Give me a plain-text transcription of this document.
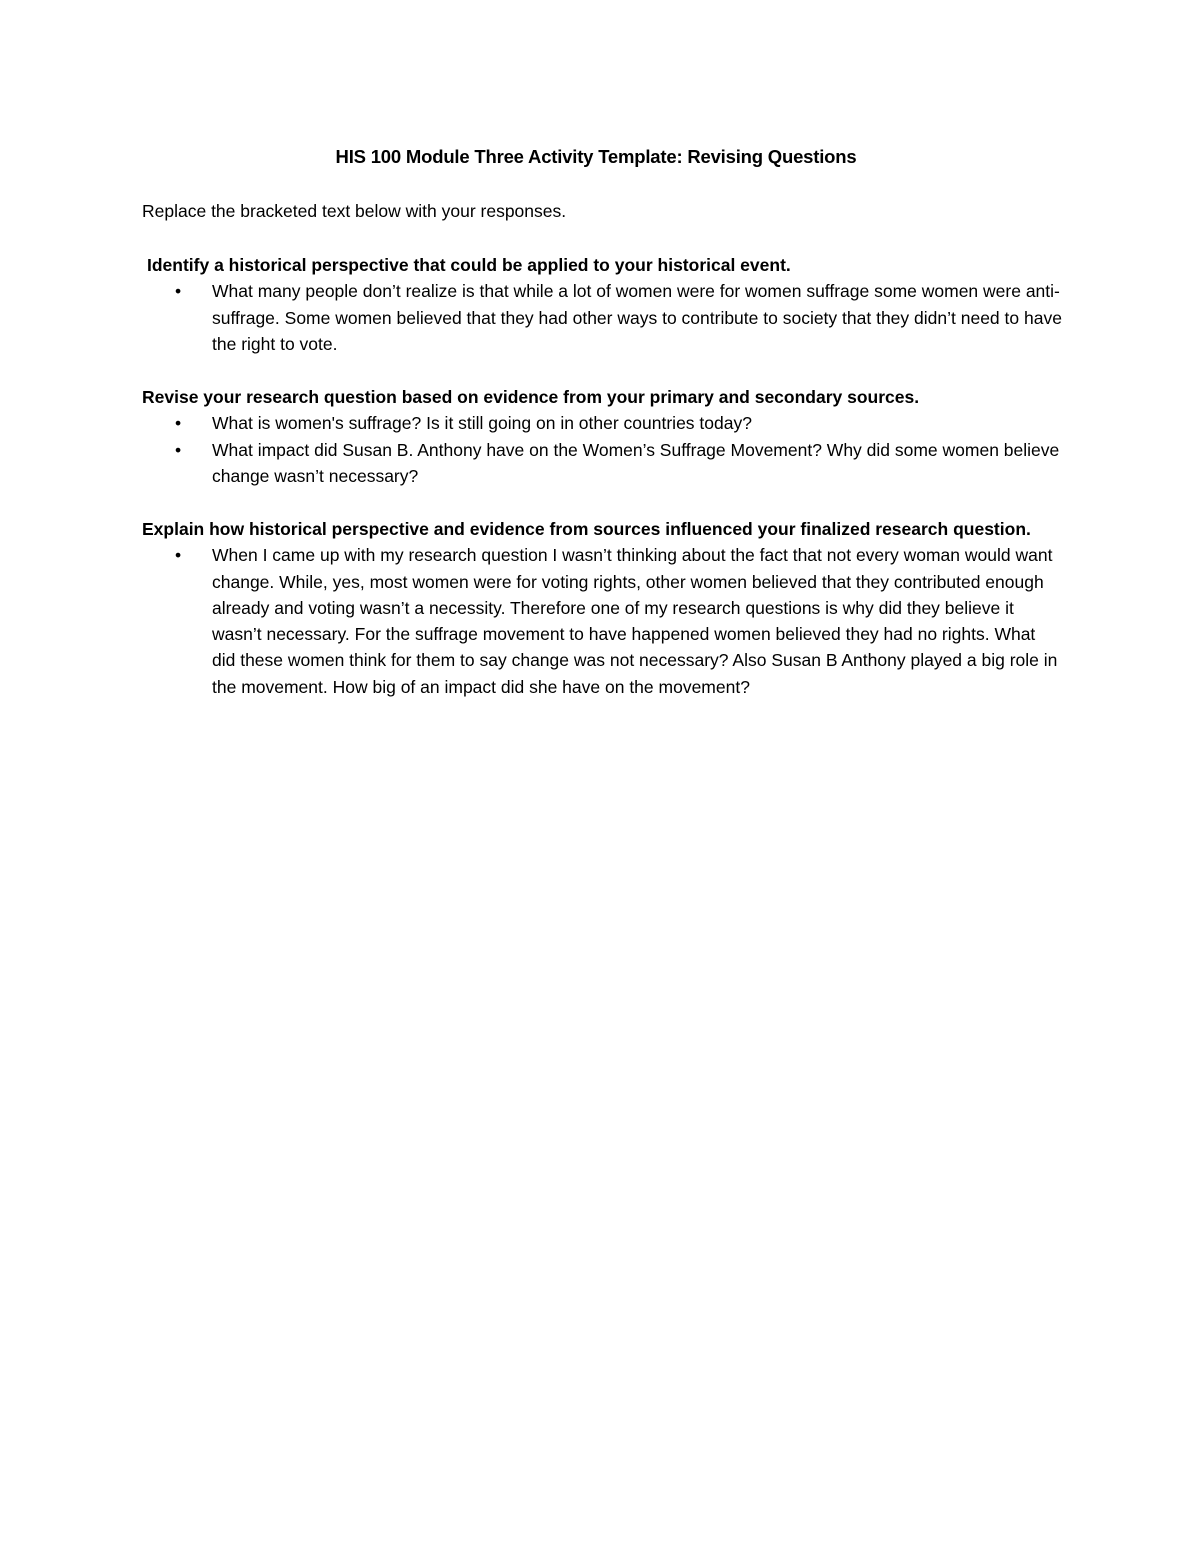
HIS 100 Module Three Activity Template: Revising Questions
Replace the bracketed text below with your responses.

Identify a historical perspective that could be applied to your historical event.

• What many people don’t realize is that while a lot of women were for women suffrage some women were anti-suffrage. Some women believed that they had other ways to contribute to society that they didn’t need to have the right to vote.

Revise your research question based on evidence from your primary and secondary sources.

• What is women's suffrage? Is it still going on in other countries today?
• What impact did Susan B. Anthony have on the Women’s Suffrage Movement? Why did some women believe change wasn’t necessary?

Explain how historical perspective and evidence from sources influenced your finalized research question.

• When I came up with my research question I wasn’t thinking about the fact that not every woman would want change. While, yes, most women were for voting rights, other women believed that they contributed enough already and voting wasn’t a necessity. Therefore one of my research questions is why did they believe it wasn’t necessary. For the suffrage movement to have happened women believed they had no rights. What did these women think for them to say change was not necessary? Also Susan B Anthony played a big role in the movement. How big of an impact did she have on the movement?
